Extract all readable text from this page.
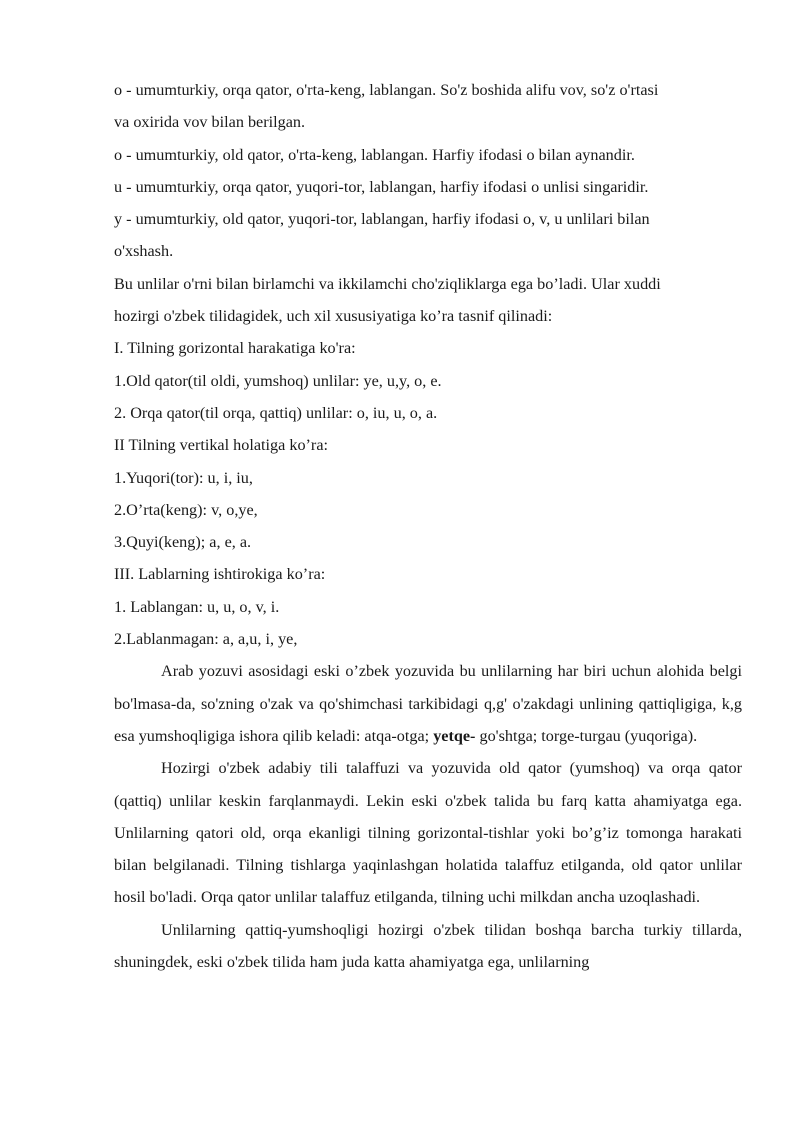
o - umumturkiy, orqa qator, o'rta-keng, lablangan. So'z boshida alifu vov, so'z o'rtasi
va oxirida vov bilan berilgan.
o - umumturkiy, old qator, o'rta-keng, lablangan. Harfiy ifodasi o bilan aynandir.
u - umumturkiy, orqa qator, yuqori-tor, lablangan, harfiy ifodasi o unlisi singaridir.
y - umumturkiy, old qator, yuqori-tor, lablangan, harfiy ifodasi o, v, u unlilari bilan
o'xshash.
Bu unlilar o'rni bilan birlamchi va ikkilamchi cho'ziqliklarga ega bo’ladi. Ular xuddi
hozirgi o'zbek tilidagidek, uch xil xususiyatiga ko’ra tasnif qilinadi:
I. Tilning gorizontal harakatiga ko'ra:
1.Old qator(til oldi, yumshoq) unlilar: ye, u,y, o, e.
2. Orqa qator(til orqa, qattiq) unlilar: o, iu, u, o, a.
II Tilning vertikal holatiga ko’ra:
1.Yuqori(tor): u, i, iu,
2.O’rta(keng): v, o,ye,
3.Quyi(keng); a, e, a.
III. Lablarning ishtirokiga ko’ra:
1. Lablangan: u, u, o, v, i.
2.Lablanmagan: a, a,u, i, ye,
Arab yozuvi asosidagi eski o’zbek yozuvida bu unlilarning har biri uchun alohida belgi bo'lmasa-da, so'zning o'zak va qo'shimchasi tarkibidagi q,g' o'zakdagi unlining qattiqligiga, k,g esa yumshoqligiga ishora qilib keladi: atqa-otga; yetqe- go'shtga; torge-turgau (yuqoriga).
Hozirgi o'zbek adabiy tili talaffuzi va yozuvida old qator (yumshoq) va orqa qator (qattiq) unlilar keskin farqlanmaydi. Lekin eski o'zbek talida bu farq katta ahamiyatga ega. Unlilarning qatori old, orqa ekanligi tilning gorizontal-tishlar yoki bo’g’iz tomonga harakati bilan belgilanadi. Tilning tishlarga yaqinlashgan holatida talaffuz etilganda, old qator unlilar hosil bo'ladi. Orqa qator unlilar talaffuz etilganda, tilning uchi milkdan ancha uzoqlashadi.
Unlilarning qattiq-yumshoqligi hozirgi o'zbek tilidan boshqa barcha turkiy tillarda, shuningdek, eski o'zbek tilida ham juda katta ahamiyatga ega, unlilarning
